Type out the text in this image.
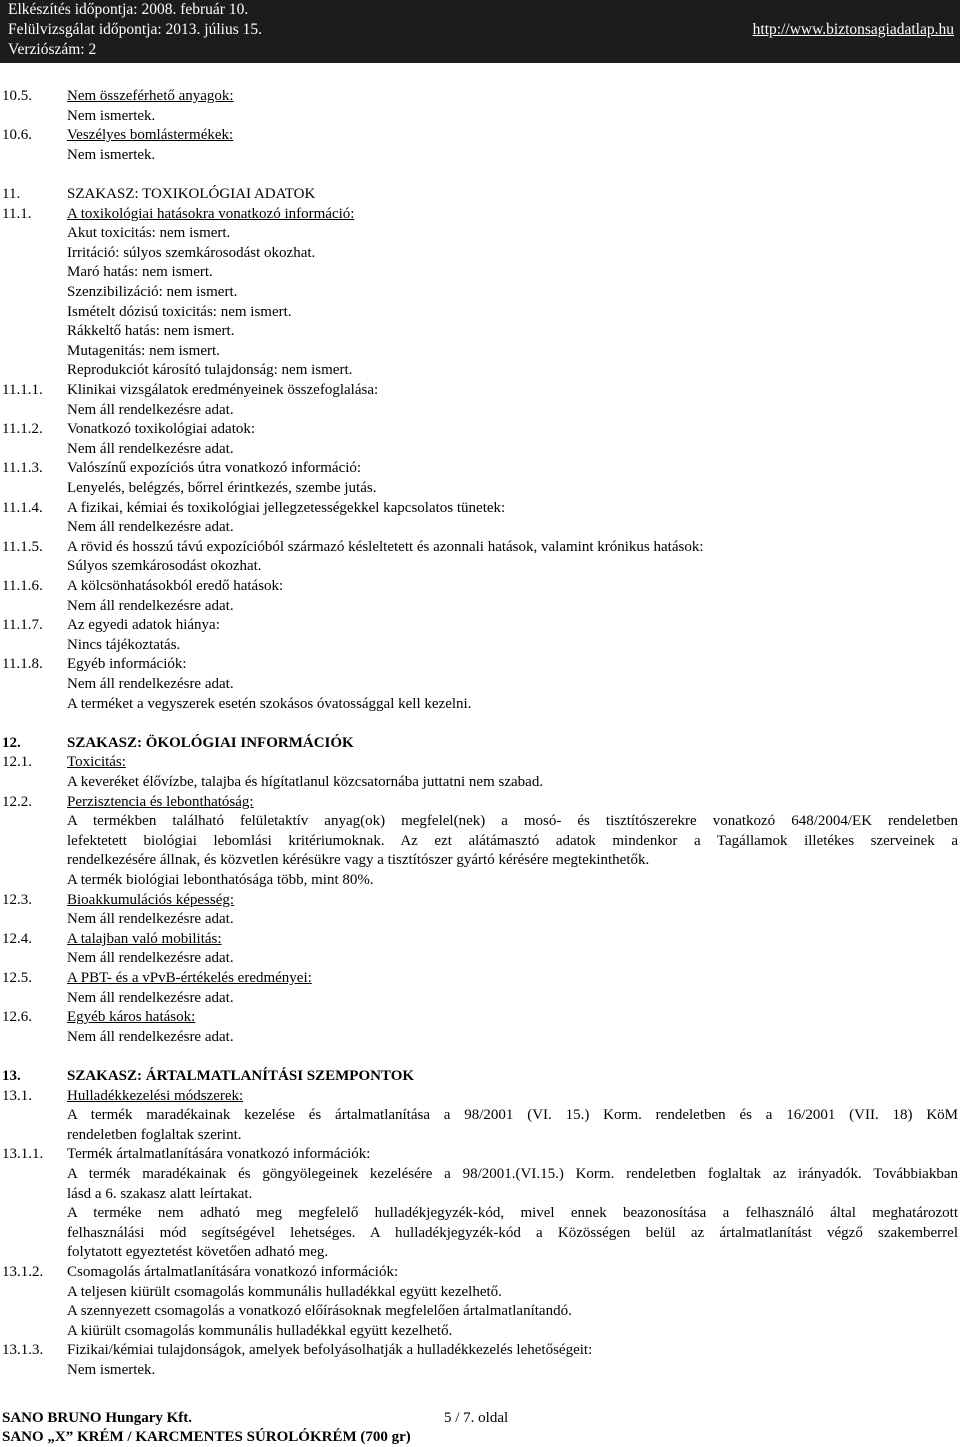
Elkészítés időpontja: 2008. február 10.
Felülvizsgálat időpontja: 2013. július 15.
Verziószám: 2
http://www.biztonsagiadatlap.hu
10.5. Nem összeférhető anyagok:
Nem ismertek.
10.6. Veszélyes bomlástermékek:
Nem ismertek.
11.	SZAKASZ: TOXIKOLÓGIAI ADATOK
11.1. A toxikológiai hatásokra vonatkozó információ:
Akut toxicitás: nem ismert.
Irritáció: súlyos szemkárosodást okozhat.
Maró hatás: nem ismert.
Szenzibilizáció: nem ismert.
Ismételt dózisú toxicitás: nem ismert.
Rákkeltő hatás: nem ismert.
Mutagenitás: nem ismert.
Reprodukciót károsító tulajdonság: nem ismert.
11.1.1. Klinikai vizsgálatok eredményeinek összefoglalása:
Nem áll rendelkezésre adat.
11.1.2. Vonatkozó toxikológiai adatok:
Nem áll rendelkezésre adat.
11.1.3. Valószínű expozíciós útra vonatkozó információ:
Lenyelés, belégzés, bőrrel érintkezés, szembe jutás.
11.1.4. A fizikai, kémiai és toxikológiai jellegzetességekkel kapcsolatos tünetek:
Nem áll rendelkezésre adat.
11.1.5. A rövid és hosszú távú expozícióból származó késleltetett és azonnali hatások, valamint krónikus hatások:
Súlyos szemkárosodást okozhat.
11.1.6. A kölcsönhatásokból eredő hatások:
Nem áll rendelkezésre adat.
11.1.7. Az egyedi adatok hiánya:
Nincs tájékoztatás.
11.1.8. Egyéb információk:
Nem áll rendelkezésre adat.
A terméket a vegyszerek esetén szokásos óvatossággal kell kezelni.
12.	SZAKASZ: ÖKOLÓGIAI INFORMÁCIÓK
12.1. Toxicitás:
A keveréket élővízbe, talajba és hígítatlanul közcsatornába juttatni nem szabad.
12.2. Perzisztencia és lebonthatóság:
A termékben található felületaktív anyag(ok) megfelel(nek) a mosó- és tisztítószerekre vonatkozó 648/2004/EK rendeletben
lefektetett biológiai lebomlási kritériumoknak. Az ezt alátámasztó adatok mindenkor a Tagállamok illetékes szerveinek a
rendelkezésére állnak, és közvetlen kérésükre vagy a tisztítószer gyártó kérésére megtekinthetők.
A termék biológiai lebonthatósága több, mint 80%.
12.3. Bioakkumulációs képesség:
Nem áll rendelkezésre adat.
12.4. A talajban való mobilitás:
Nem áll rendelkezésre adat.
12.5. A PBT- és a vPvB-értékelés eredményei:
Nem áll rendelkezésre adat.
12.6. Egyéb káros hatások:
Nem áll rendelkezésre adat.
13.	SZAKASZ: ÁRTALMATLANÍTÁSI SZEMPONTOK
13.1. Hulladékkezelési módszerek:
A termék maradékainak kezelése és ártalmatlanítása a 98/2001 (VI. 15.) Korm. rendeletben és a 16/2001 (VII. 18) KöM
rendeletben foglaltak szerint.
13.1.1. Termék ártalmatlanítására vonatkozó információk:
A termék maradékainak és göngyölegeinek kezelésére a 98/2001.(VI.15.) Korm. rendeletben foglaltak az irányadók. Továbbiakban
lásd a 6. szakasz alatt leírtakat.
A terméke nem adható meg megfelelő hulladékjegyzék-kód, mivel ennek beazonosítása a felhasználó által meghatározott
felhasználási mód segítségével lehetséges. A hulladékjegyzék-kód a Közösségen belül az ártalmatlanítást végző szakemberrel
folytatott egyeztetést követően adható meg.
13.1.2. Csomagolás ártalmatlanítására vonatkozó információk:
A teljesen kiürült csomagolás kommunális hulladékkal együtt kezelhető.
A szennyezett csomagolás a vonatkozó előírásoknak megfelelően ártalmatlanítandó.
A kiürült csomagolás kommunális hulladékkal együtt kezelhető.
13.1.3. Fizikai/kémiai tulajdonságok, amelyek befolyásolhatják a hulladékkezelés lehetőségeit:
Nem ismertek.
SANO BRUNO Hungary Kft.	5 / 7. oldal
SANO „X” KRÉM / KARCMENTES SÚROLÓKRÉM (700 gr)
